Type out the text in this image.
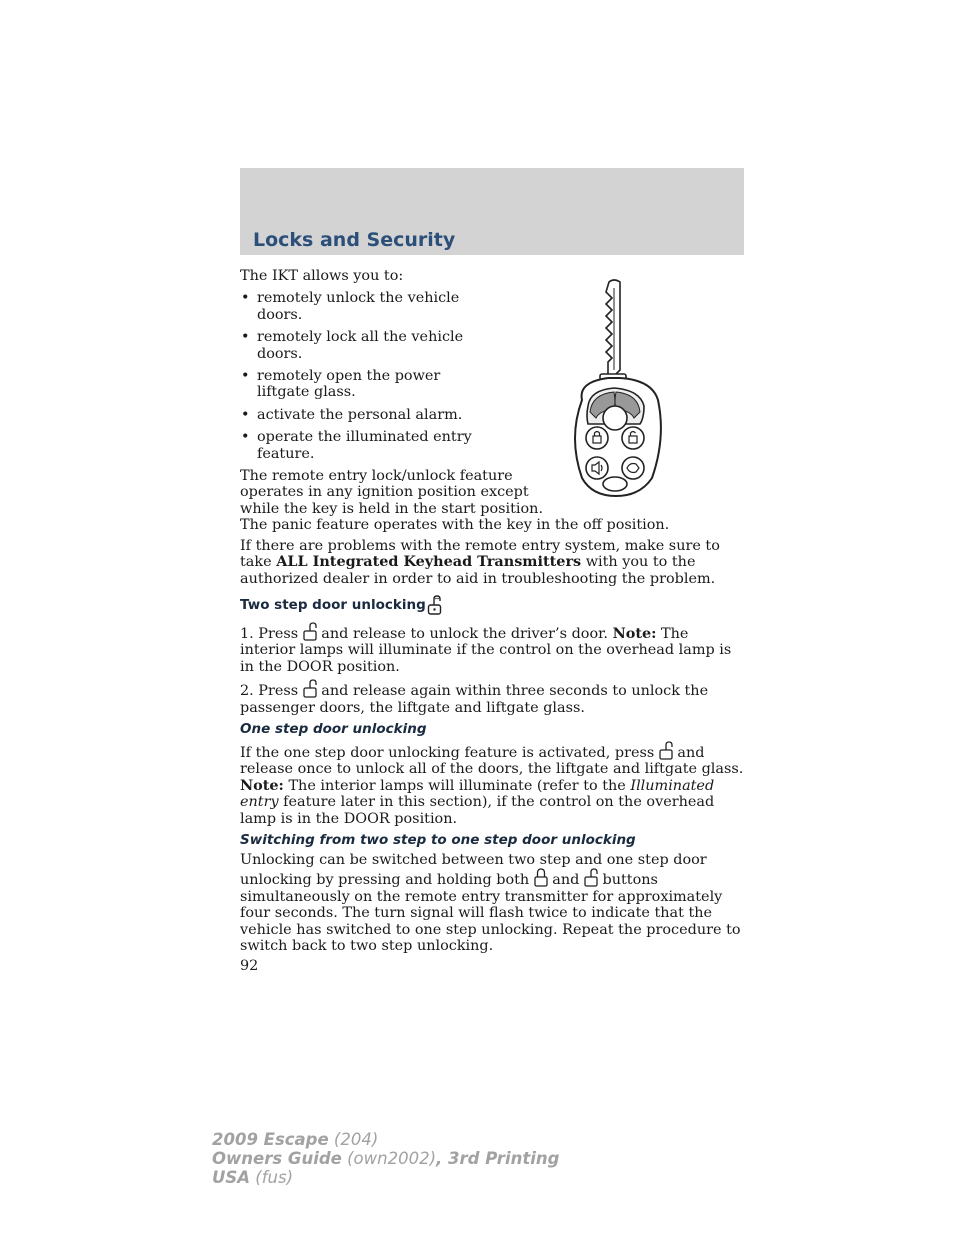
Locks and Security

The IKT allows you to:

• remotely unlock the vehicle doors.
• remotely lock all the vehicle doors.
• remotely open the power liftgate glass.
• activate the personal alarm.
• operate the illuminated entry feature.

The remote entry lock/unlock feature operates in any ignition position except while the key is held in the start position. The panic feature operates with the key in the off position.

If there are problems with the remote entry system, make sure to take ALL Integrated Keyhead Transmitters with you to the authorized dealer in order to aid in troubleshooting the problem.

Two step door unlocking

1. Press
and release to unlock the driver’s door. Note: The interior lamps will illuminate if the control on the overhead lamp is in the DOOR position.

2. Press
and release again within three seconds to unlock the passenger doors, the liftgate and liftgate glass.

One step door unlocking

If the one step door unlocking feature is activated, press
and release once to unlock all of the doors, the liftgate and liftgate glass. Note: The interior lamps will illuminate (refer to the Illuminated entry feature later in this section), if the control on the overhead lamp is in the DOOR position.

Switching from two step to one step door unlocking

Unlocking can be switched between two step and one step door unlocking by pressing and holding both
and
buttons simultaneously on the remote entry transmitter for approximately four seconds. The turn signal will flash twice to indicate that the vehicle has switched to one step unlocking. Repeat the procedure to switch back to two step unlocking.

92

2009 Escape (204)
Owners Guide (own2002), 3rd Printing
USA (fus)
